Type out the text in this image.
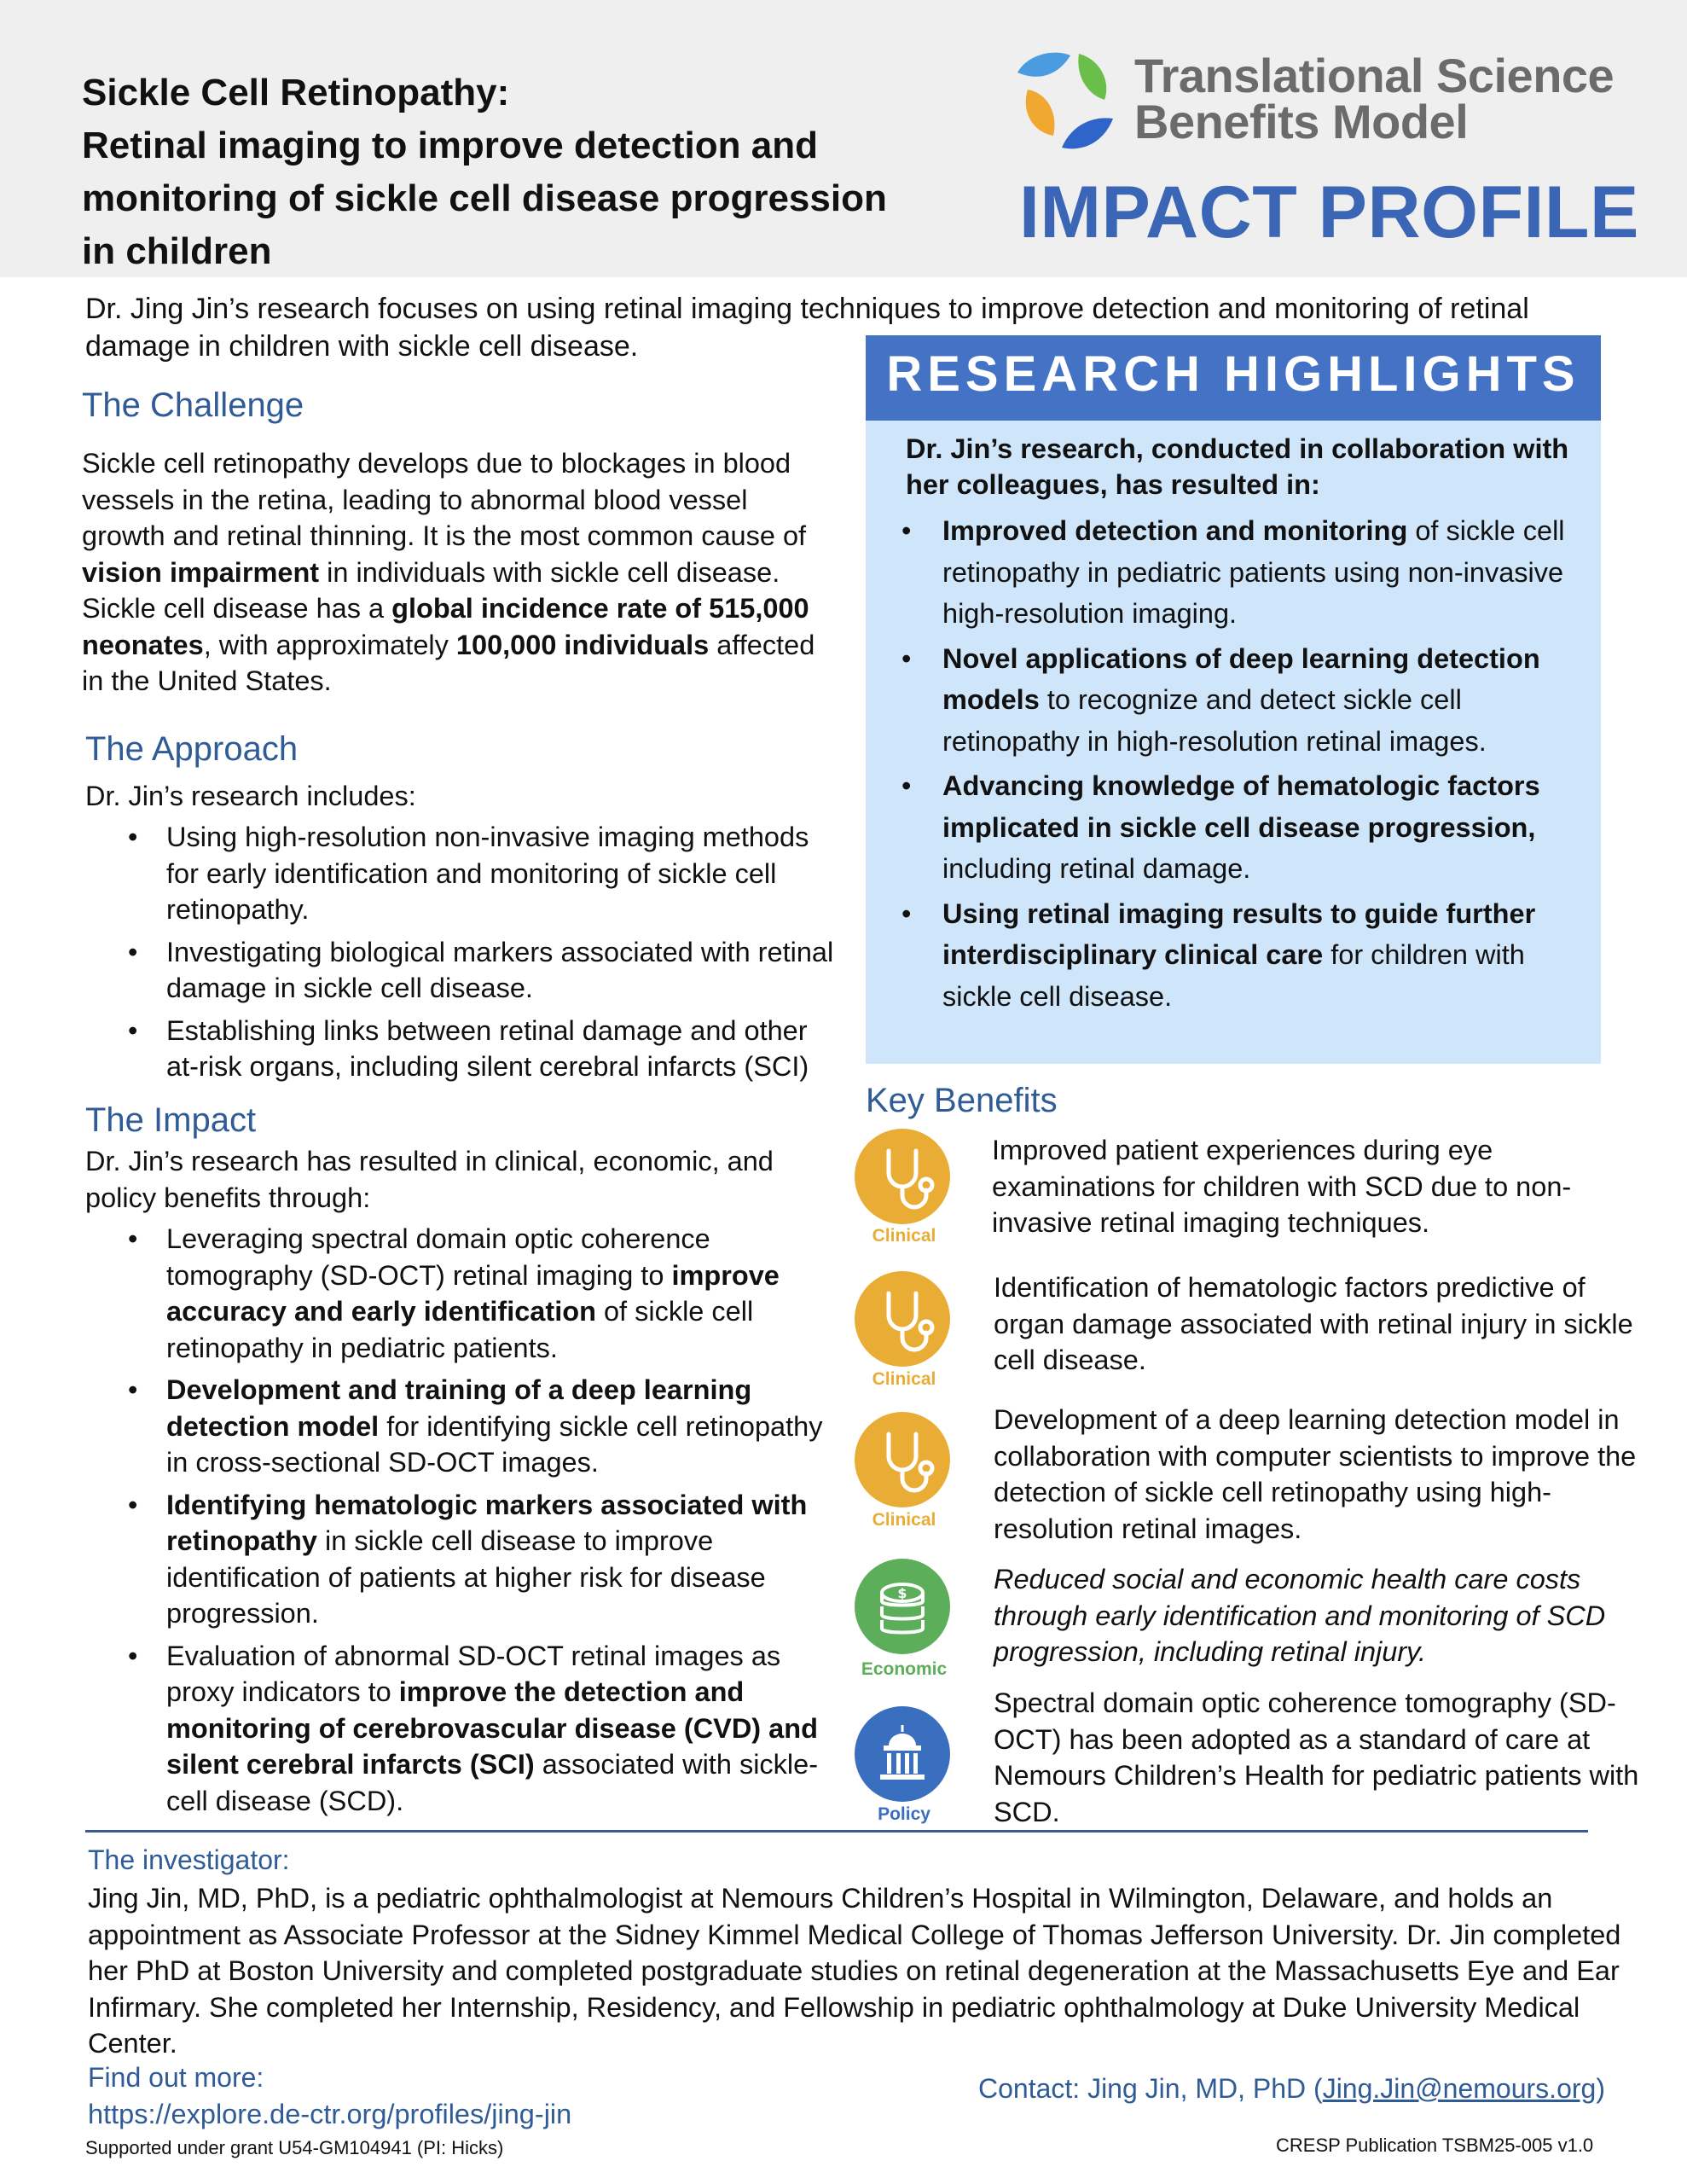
Sickle Cell Retinopathy:
Retinal imaging to improve detection and
monitoring of sickle cell disease progression
in children
Translational Science
Benefits Model
IMPACT PROFILE
Dr. Jing Jin’s research focuses on using retinal imaging techniques to improve detection and monitoring of retinal damage in children with sickle cell disease.
The Challenge
Sickle cell retinopathy develops due to blockages in blood vessels in the retina, leading to abnormal blood vessel growth and retinal thinning. It is the most common cause of vision impairment in individuals with sickle cell disease. Sickle cell disease has a global incidence rate of 515,000 neonates, with approximately 100,000 individuals affected in the United States.
The Approach
Dr. Jin’s research includes:
• Using high-resolution non-invasive imaging methods for early identification and monitoring of sickle cell retinopathy.
• Investigating biological markers associated with retinal damage in sickle cell disease.
• Establishing links between retinal damage and other at-risk organs, including silent cerebral infarcts (SCI)
The Impact
Dr. Jin’s research has resulted in clinical, economic, and policy benefits through:
• Leveraging spectral domain optic coherence tomography (SD-OCT) retinal imaging to improve accuracy and early identification of sickle cell retinopathy in pediatric patients.
• Development and training of a deep learning detection model for identifying sickle cell retinopathy in cross-sectional SD-OCT images.
• Identifying hematologic markers associated with retinopathy in sickle cell disease to improve identification of patients at higher risk for disease progression.
• Evaluation of abnormal SD-OCT retinal images as proxy indicators to improve the detection and monitoring of cerebrovascular disease (CVD) and silent cerebral infarcts (SCI) associated with sickle-cell disease (SCD).
RESEARCH HIGHLIGHTS
Dr. Jin’s research, conducted in collaboration with her colleagues, has resulted in:
• Improved detection and monitoring of sickle cell retinopathy in pediatric patients using non-invasive high-resolution imaging.
• Novel applications of deep learning detection models to recognize and detect sickle cell retinopathy in high-resolution retinal images.
• Advancing knowledge of hematologic factors implicated in sickle cell disease progression, including retinal damage.
• Using retinal imaging results to guide further interdisciplinary clinical care for children with sickle cell disease.
Key Benefits
Clinical
Improved patient experiences during eye examinations for children with SCD due to non-invasive retinal imaging techniques.
Clinical
Identification of hematologic factors predictive of organ damage associated with retinal injury in sickle cell disease.
Clinical
Development of a deep learning detection model in collaboration with computer scientists to improve the detection of sickle cell retinopathy using high-resolution retinal images.
$
Economic
Reduced social and economic health care costs through early identification and monitoring of SCD progression, including retinal injury.
Policy
Spectral domain optic coherence tomography (SD-OCT) has been adopted as a standard of care at Nemours Children’s Health for pediatric patients with SCD.
The investigator:
Jing Jin, MD, PhD, is a pediatric ophthalmologist at Nemours Children’s Hospital in Wilmington, Delaware, and holds an appointment as Associate Professor at the Sidney Kimmel Medical College of Thomas Jefferson University. Dr. Jin completed her PhD at Boston University and completed postgraduate studies on retinal degeneration at the Massachusetts Eye and Ear Infirmary. She completed her Internship, Residency, and Fellowship in pediatric ophthalmology at Duke University Medical Center.
Find out more:
https://explore.de-ctr.org/profiles/jing-jin
Contact: Jing Jin, MD, PhD (Jing.Jin@nemours.org)
Supported under grant U54-GM104941 (PI: Hicks)	CRESP Publication TSBM25-005 v1.0
